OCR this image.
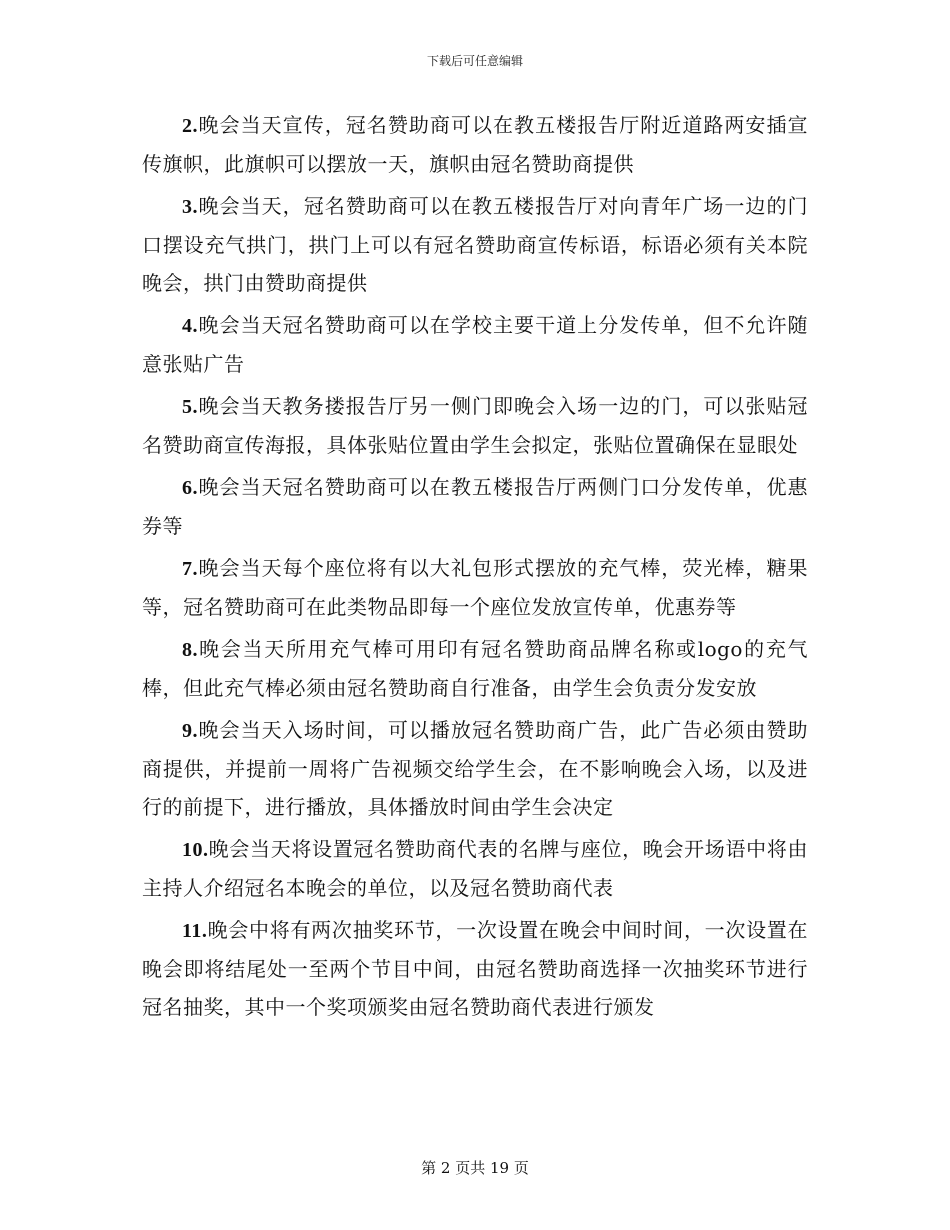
下载后可任意编辑

2.晚会当天宣传，冠名赞助商可以在教五楼报告厅附近道路两安插宣传旗帜，此旗帜可以摆放一天，旗帜由冠名赞助商提供

3.晚会当天，冠名赞助商可以在教五楼报告厅对向青年广场一边的门口摆设充气拱门，拱门上可以有冠名赞助商宣传标语，标语必须有关本院晚会，拱门由赞助商提供

4.晚会当天冠名赞助商可以在学校主要干道上分发传单，但不允许随意张贴广告

5.晚会当天教务搂报告厅另一侧门即晚会入场一边的门，可以张贴冠名赞助商宣传海报，具体张贴位置由学生会拟定，张贴位置确保在显眼处

6.晚会当天冠名赞助商可以在教五楼报告厅两侧门口分发传单，优惠券等

7.晚会当天每个座位将有以大礼包形式摆放的充气棒，荧光棒，糖果等，冠名赞助商可在此类物品即每一个座位发放宣传单，优惠券等

8.晚会当天所用充气棒可用印有冠名赞助商品牌名称或logo的充气棒，但此充气棒必须由冠名赞助商自行准备，由学生会负责分发安放

9.晚会当天入场时间，可以播放冠名赞助商广告，此广告必须由赞助商提供，并提前一周将广告视频交给学生会，在不影响晚会入场，以及进行的前提下，进行播放，具体播放时间由学生会决定

10.晚会当天将设置冠名赞助商代表的名牌与座位，晚会开场语中将由主持人介绍冠名本晚会的单位，以及冠名赞助商代表

11.晚会中将有两次抽奖环节，一次设置在晚会中间时间，一次设置在晚会即将结尾处一至两个节目中间，由冠名赞助商选择一次抽奖环节进行冠名抽奖，其中一个奖项颁奖由冠名赞助商代表进行颁发

第 2 页共 19 页
